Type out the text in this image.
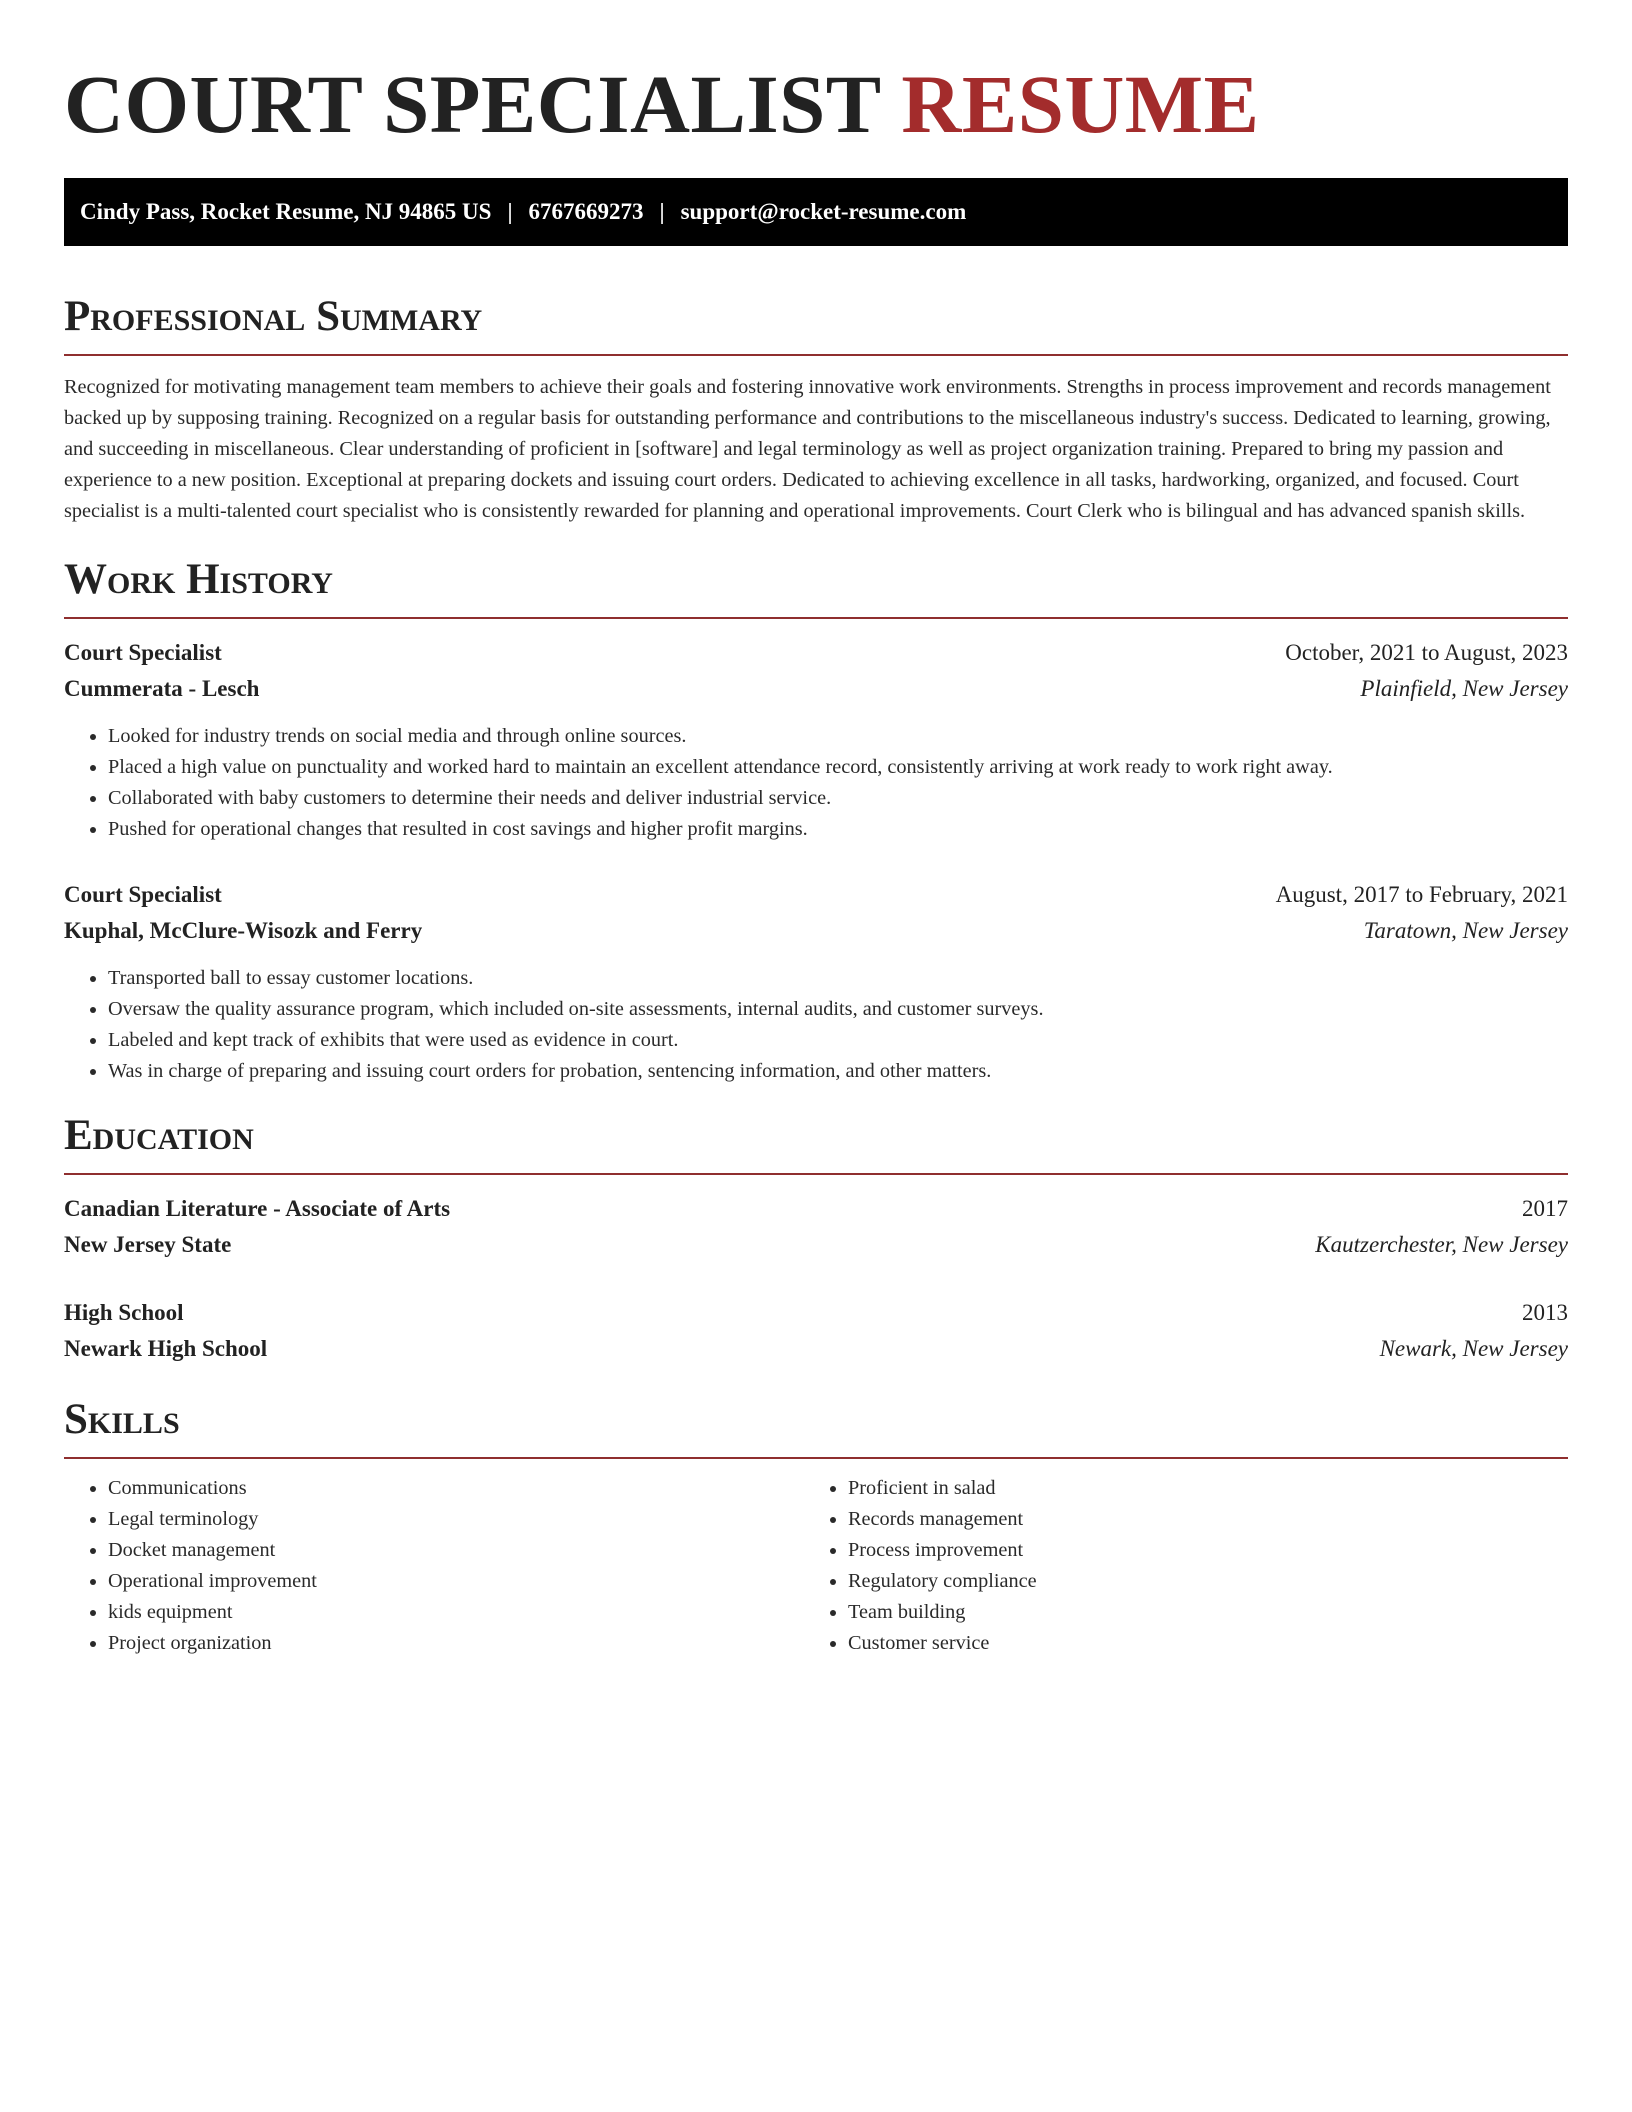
COURT SPECIALIST RESUME
Cindy Pass, Rocket Resume, NJ 94865 US | 6767669273 | support@rocket-resume.com
Professional Summary

Recognized for motivating management team members to achieve their goals and fostering innovative work environments. Strengths in process improvement and records management backed up by supposing training. Recognized on a regular basis for outstanding performance and contributions to the miscellaneous industry's success. Dedicated to learning, growing, and succeeding in miscellaneous. Clear understanding of proficient in [software] and legal terminology as well as project organization training. Prepared to bring my passion and experience to a new position. Exceptional at preparing dockets and issuing court orders. Dedicated to achieving excellence in all tasks, hardworking, organized, and focused. Court specialist is a multi-talented court specialist who is consistently rewarded for planning and operational improvements. Court Clerk who is bilingual and has advanced spanish skills.

Work History
Court Specialist	October, 2021 to August, 2023
Cummerata - Lesch	Plainfield, New Jersey
• Looked for industry trends on social media and through online sources.
• Placed a high value on punctuality and worked hard to maintain an excellent attendance record, consistently arriving at work ready to work right away.
• Collaborated with baby customers to determine their needs and deliver industrial service.
• Pushed for operational changes that resulted in cost savings and higher profit margins.
Court Specialist	August, 2017 to February, 2021
Kuphal, McClure-Wisozk and Ferry	Taratown, New Jersey
• Transported ball to essay customer locations.
• Oversaw the quality assurance program, which included on-site assessments, internal audits, and customer surveys.
• Labeled and kept track of exhibits that were used as evidence in court.
• Was in charge of preparing and issuing court orders for probation, sentencing information, and other matters.
Education
Canadian Literature - Associate of Arts	2017
New Jersey State	Kautzerchester, New Jersey
High School	2013
Newark High School	Newark, New Jersey
Skills
• Communications
• Legal terminology
• Docket management
• Operational improvement
• kids equipment
• Project organization
• Proficient in salad
• Records management
• Process improvement
• Regulatory compliance
• Team building
• Customer service
